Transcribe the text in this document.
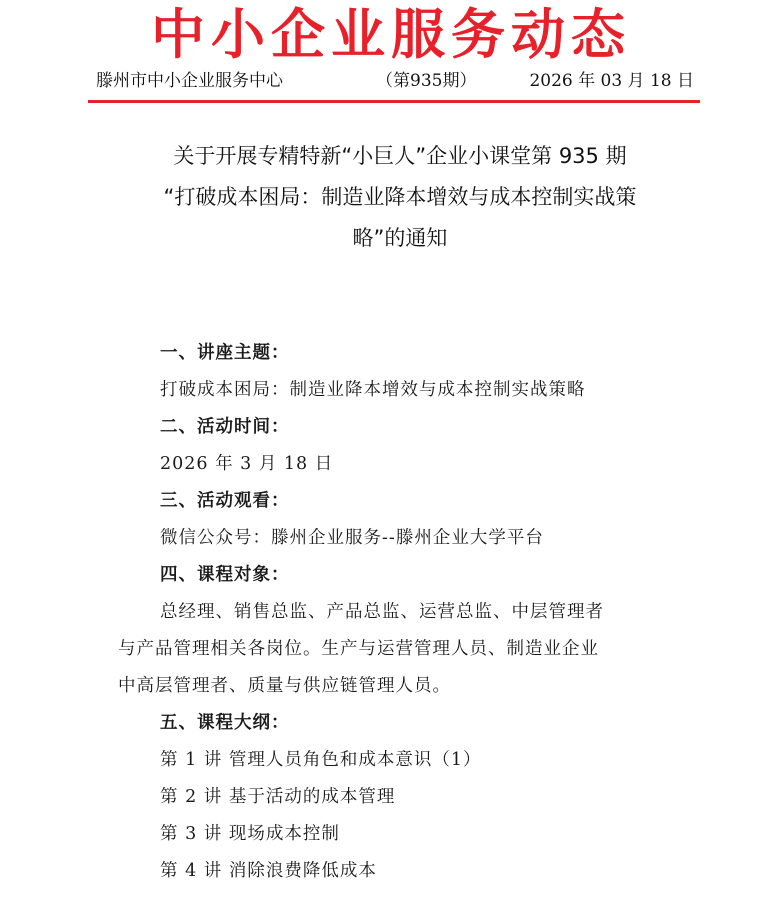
中小企业服务动态
滕州市中小企业服务中心	（第935期）	2026 年 03 月 18 日
关于开展专精特新“小巨人”企业小课堂第 935 期
“打破成本困局：制造业降本增效与成本控制实战策
略”的通知
一、讲座主题：
打破成本困局：制造业降本增效与成本控制实战策略
二、活动时间：
2026 年 3 月 18 日
三、活动观看：
微信公众号：滕州企业服务--滕州企业大学平台
四、课程对象：
总经理、销售总监、产品总监、运营总监、中层管理者
与产品管理相关各岗位。生产与运营管理人员、制造业企业
中高层管理者、质量与供应链管理人员。
五、课程大纲：
第 1 讲 管理人员角色和成本意识（1）
第 2 讲 基于活动的成本管理
第 3 讲 现场成本控制
第 4 讲 消除浪费降低成本
